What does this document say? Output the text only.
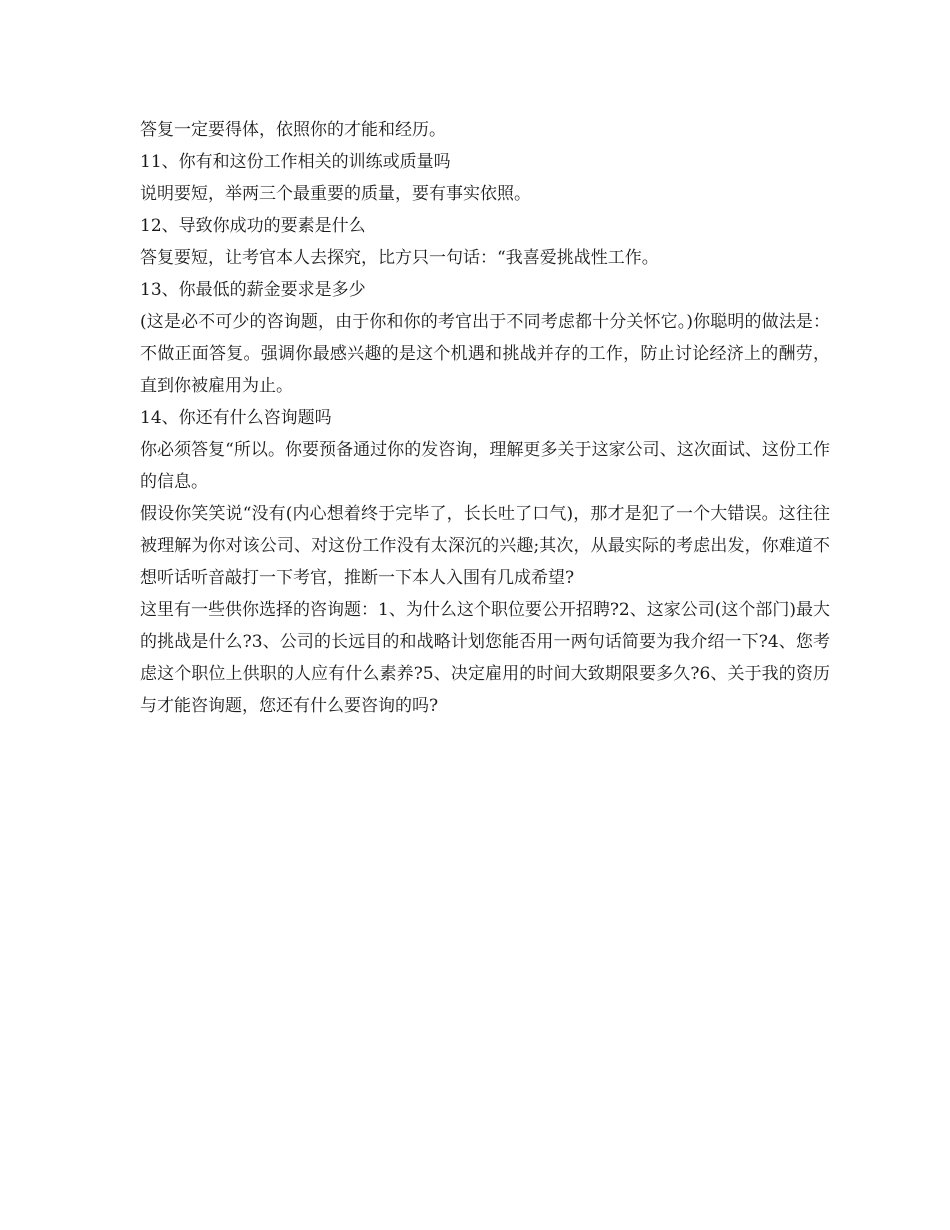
答复一定要得体，依照你的才能和经历。

11、你有和这份工作相关的训练或质量吗

说明要短，举两三个最重要的质量，要有事实依照。

12、导致你成功的要素是什么

答复要短，让考官本人去探究，比方只一句话：“我喜爱挑战性工作。

13、你最低的薪金要求是多少

(这是必不可少的咨询题，由于你和你的考官出于不同考虑都十分关怀它。)你聪明的做法是：不做正面答复。强调你最感兴趣的是这个机遇和挑战并存的工作，防止讨论经济上的酬劳，直到你被雇用为止。

14、你还有什么咨询题吗

你必须答复“所以。你要预备通过你的发咨询，理解更多关于这家公司、这次面试、这份工作的信息。

假设你笑笑说“没有(内心想着终于完毕了，长长吐了口气)，那才是犯了一个大错误。这往往被理解为你对该公司、对这份工作没有太深沉的兴趣;其次，从最实际的考虑出发，你难道不想听话听音敲打一下考官，推断一下本人入围有几成希望?

这里有一些供你选择的咨询题：1、为什么这个职位要公开招聘?2、这家公司(这个部门)最大的挑战是什么?3、公司的长远目的和战略计划您能否用一两句话简要为我介绍一下?4、您考虑这个职位上供职的人应有什么素养?5、决定雇用的时间大致期限要多久?6、关于我的资历与才能咨询题，您还有什么要咨询的吗?
